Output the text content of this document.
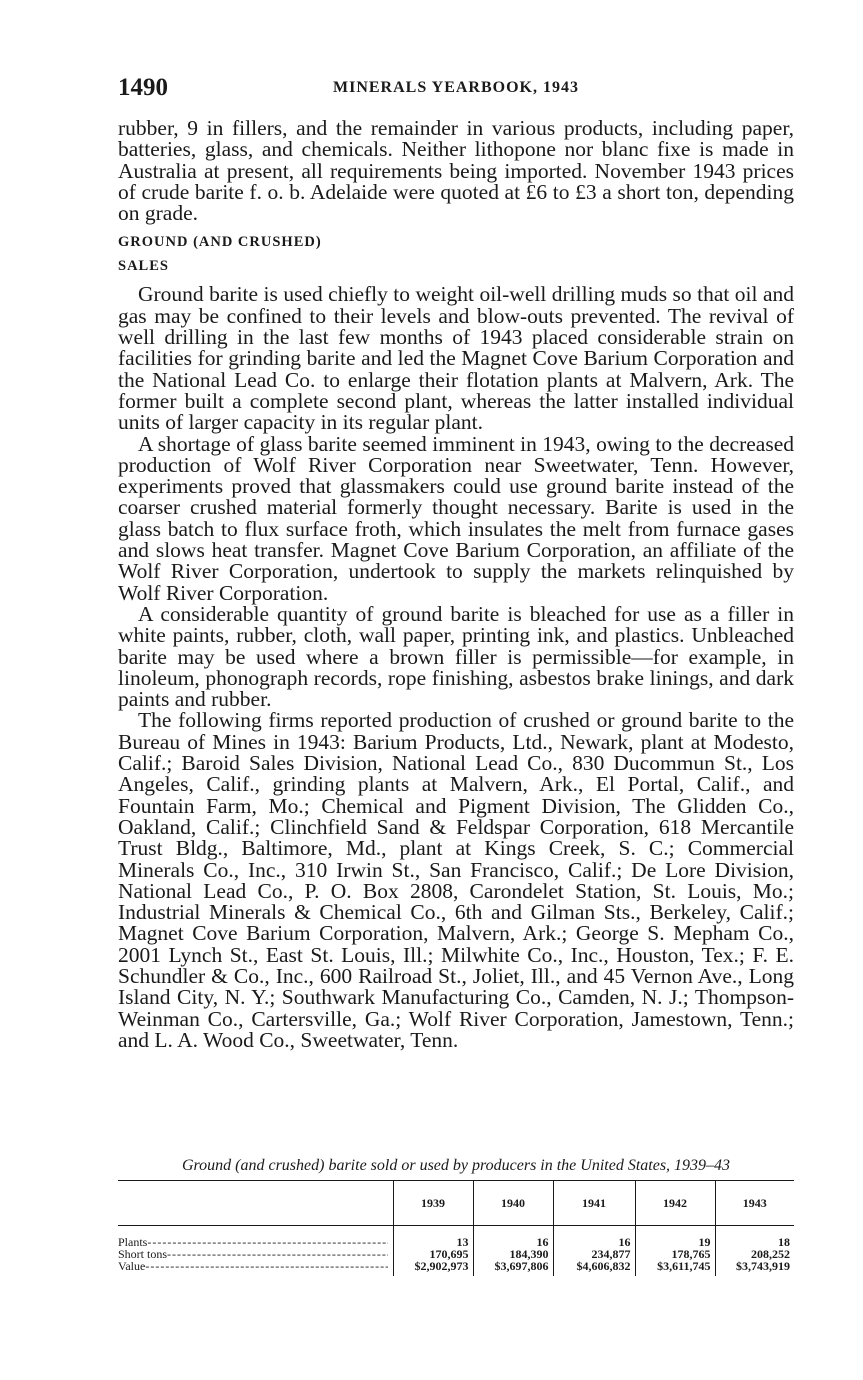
1490	MINERALS YEARBOOK, 1943

rubber, 9 in fillers, and the remainder in various products, including paper, batteries, glass, and chemicals. Neither lithopone nor blanc fixe is made in Australia at present, all requirements being imported. November 1943 prices of crude barite f. o. b. Adelaide were quoted at £6 to £3 a short ton, depending on grade.

GROUND (AND CRUSHED)

SALES

Ground barite is used chiefly to weight oil-well drilling muds so that oil and gas may be confined to their levels and blow-outs prevented. The revival of well drilling in the last few months of 1943 placed considerable strain on facilities for grinding barite and led the Magnet Cove Barium Corporation and the National Lead Co. to enlarge their flotation plants at Malvern, Ark. The former built a complete second plant, whereas the latter installed individual units of larger capacity in its regular plant.

A shortage of glass barite seemed imminent in 1943, owing to the decreased production of Wolf River Corporation near Sweetwater, Tenn. However, experiments proved that glassmakers could use ground barite instead of the coarser crushed material formerly thought necessary. Barite is used in the glass batch to flux surface froth, which insulates the melt from furnace gases and slows heat transfer. Magnet Cove Barium Corporation, an affiliate of the Wolf River Corporation, undertook to supply the markets relinquished by Wolf River Corporation.

A considerable quantity of ground barite is bleached for use as a filler in white paints, rubber, cloth, wall paper, printing ink, and plastics. Unbleached barite may be used where a brown filler is permissible—for example, in linoleum, phonograph records, rope finishing, asbestos brake linings, and dark paints and rubber.

The following firms reported production of crushed or ground barite to the Bureau of Mines in 1943: Barium Products, Ltd., Newark, plant at Modesto, Calif.; Baroid Sales Division, National Lead Co., 830 Ducommun St., Los Angeles, Calif., grinding plants at Malvern, Ark., El Portal, Calif., and Fountain Farm, Mo.; Chemical and Pigment Division, The Glidden Co., Oakland, Calif.; Clinchfield Sand & Feldspar Corporation, 618 Mercantile Trust Bldg., Baltimore, Md., plant at Kings Creek, S. C.; Commercial Minerals Co., Inc., 310 Irwin St., San Francisco, Calif.; De Lore Division, National Lead Co., P. O. Box 2808, Carondelet Station, St. Louis, Mo.; Industrial Minerals & Chemical Co., 6th and Gilman Sts., Berkeley, Calif.; Magnet Cove Barium Corporation, Malvern, Ark.; George S. Mepham Co., 2001 Lynch St., East St. Louis, Ill.; Milwhite Co., Inc., Houston, Tex.; F. E. Schundler & Co., Inc., 600 Railroad St., Joliet, Ill., and 45 Vernon Ave., Long Island City, N. Y.; Southwark Manufacturing Co., Camden, N. J.; Thompson-Weinman Co., Cartersville, Ga.; Wolf River Corporation, Jamestown, Tenn.; and L. A. Wood Co., Sweetwater, Tenn.

Ground (and crushed) barite sold or used by producers in the United States, 1939–43
	1939	1940	1941	1942	1943
Plants -----	13	16	16	19	18
Short tons -----	170,695	184,390	234,877	178,765	208,252
Value -----	$2,902,973	$3,697,806	$4,606,832	$3,611,745	$3,743,919
